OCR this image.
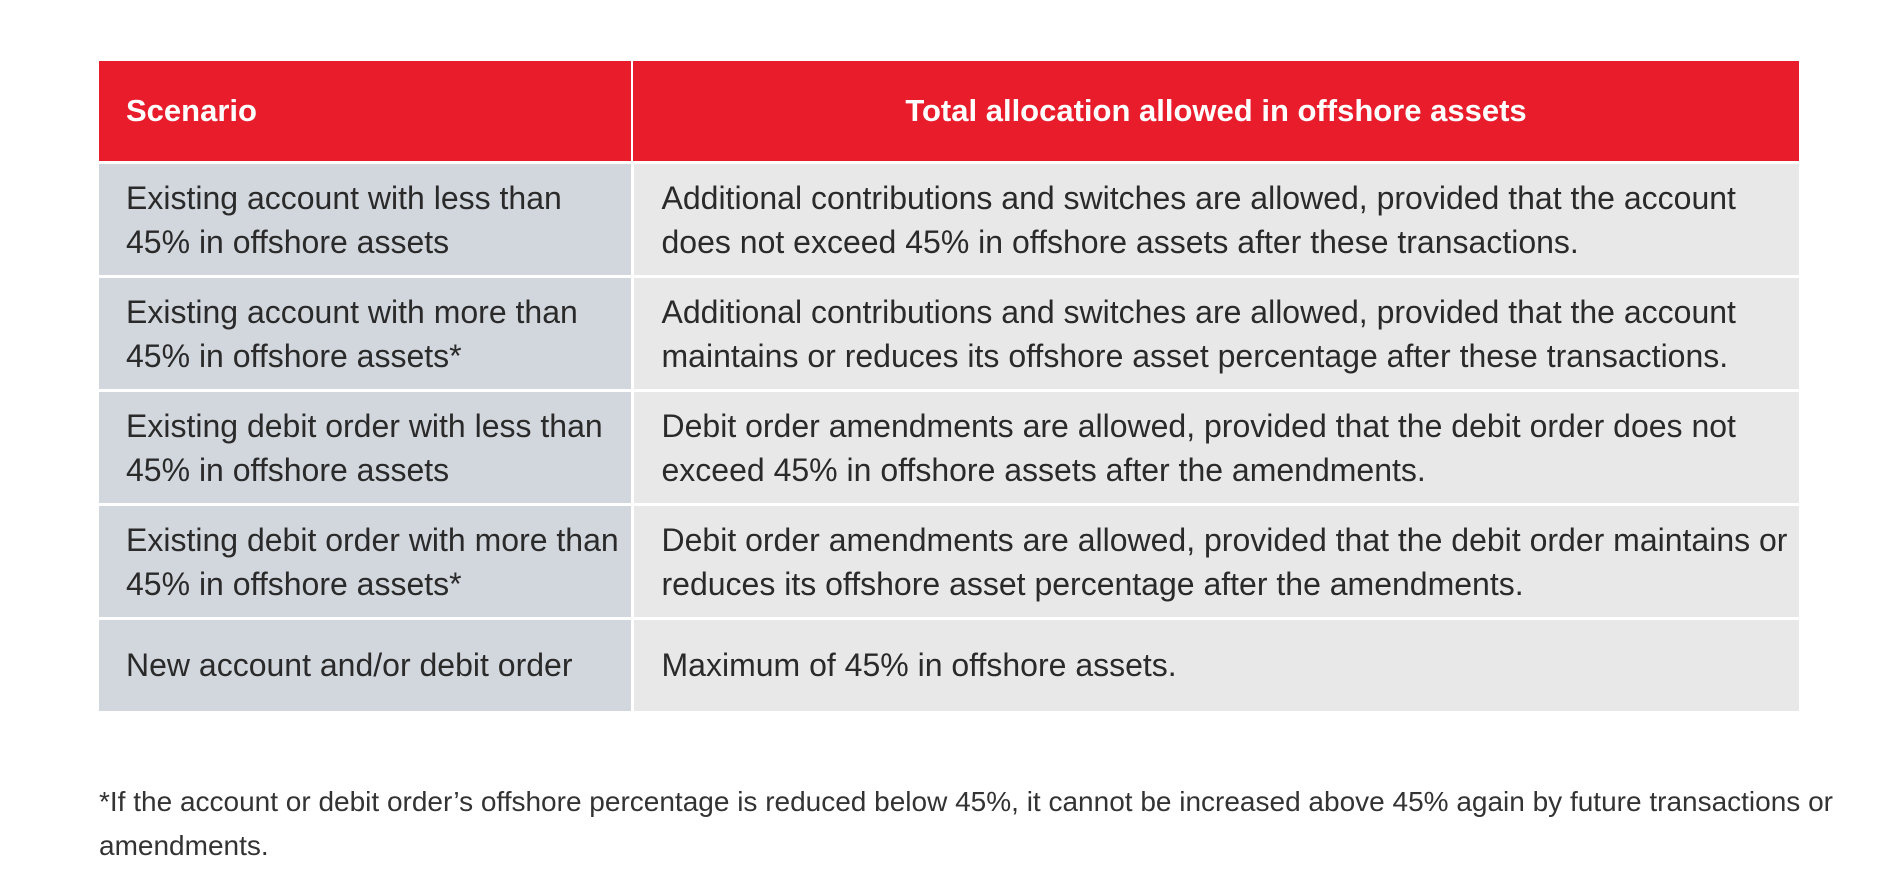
Scenario	Total allocation allowed in offshore assets
Existing account with less than 45% in offshore assets	Additional contributions and switches are allowed, provided that the account does not exceed 45% in offshore assets after these transactions.
Existing account with more than 45% in offshore assets*	Additional contributions and switches are allowed, provided that the account maintains or reduces its offshore asset percentage after these transactions.
Existing debit order with less than 45% in offshore assets	Debit order amendments are allowed, provided that the debit order does not exceed 45% in offshore assets after the amendments.
Existing debit order with more than 45% in offshore assets*	Debit order amendments are allowed, provided that the debit order maintains or reduces its offshore asset percentage after the amendments.
New account and/or debit order	Maximum of 45% in offshore assets.

*If the account or debit order’s offshore percentage is reduced below 45%, it cannot be increased above 45% again by future transactions or amendments.
